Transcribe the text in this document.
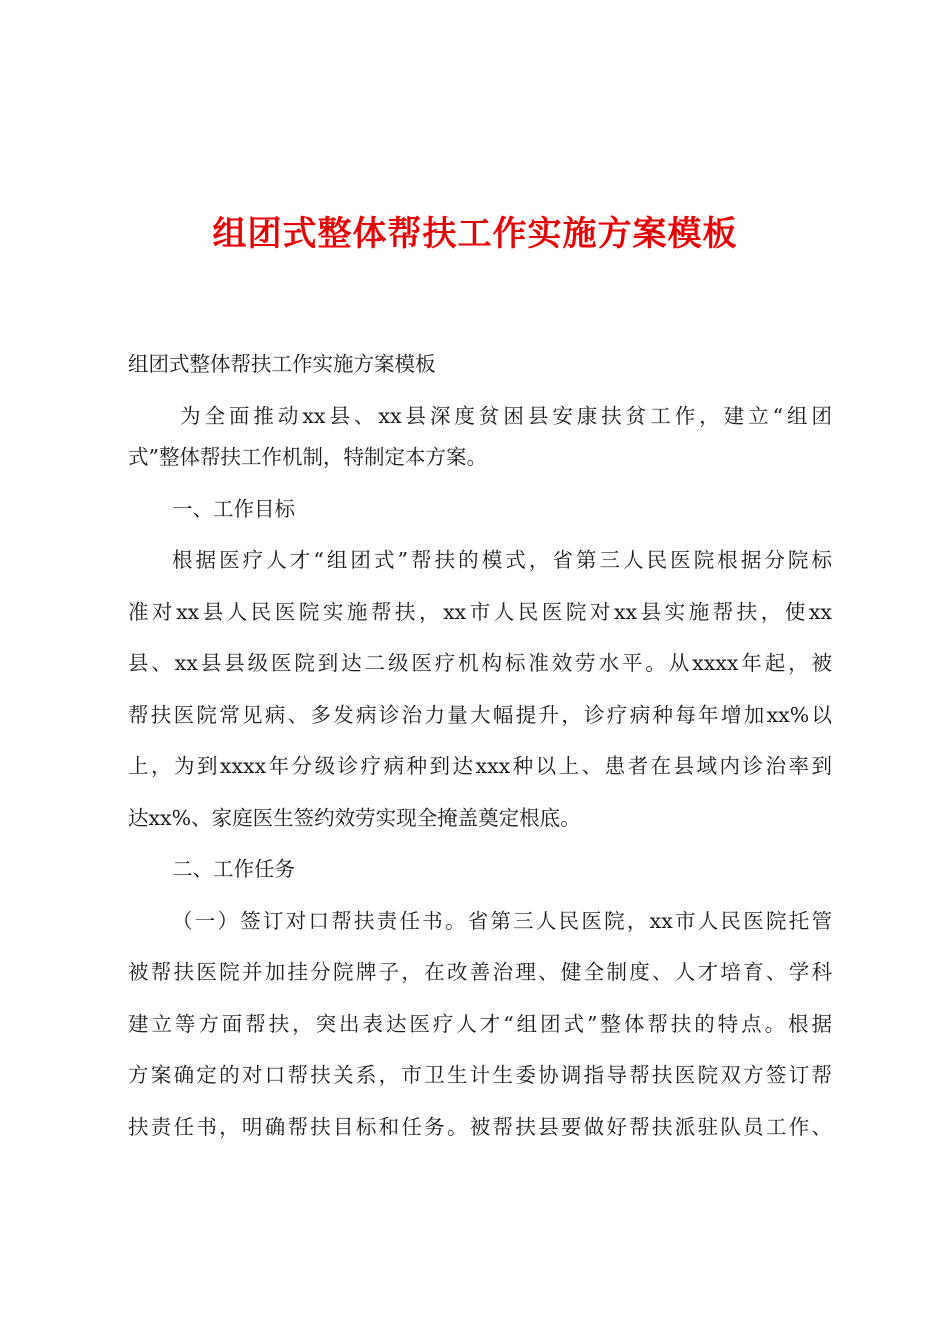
组团式整体帮扶工作实施方案模板

组团式整体帮扶工作实施方案模板

为全面推动xx县、xx县深度贫困县安康扶贫工作，建立“组团

式”整体帮扶工作机制，特制定本方案。

一、工作目标

根据医疗人才“组团式”帮扶的模式，省第三人民医院根据分院标

准对xx县人民医院实施帮扶，xx市人民医院对xx县实施帮扶，使xx

县、xx县县级医院到达二级医疗机构标准效劳水平。从xxxx年起，被

帮扶医院常见病、多发病诊治力量大幅提升，诊疗病种每年增加xx%以

上，为到xxxx年分级诊疗病种到达xxx种以上、患者在县域内诊治率到

达xx%、家庭医生签约效劳实现全掩盖奠定根底。

二、工作任务

（一）签订对口帮扶责任书。省第三人民医院，xx市人民医院托管

被帮扶医院并加挂分院牌子，在改善治理、健全制度、人才培育、学科

建立等方面帮扶，突出表达医疗人才“组团式”整体帮扶的特点。根据

方案确定的对口帮扶关系，市卫生计生委协调指导帮扶医院双方签订帮

扶责任书，明确帮扶目标和任务。被帮扶县要做好帮扶派驻队员工作、
